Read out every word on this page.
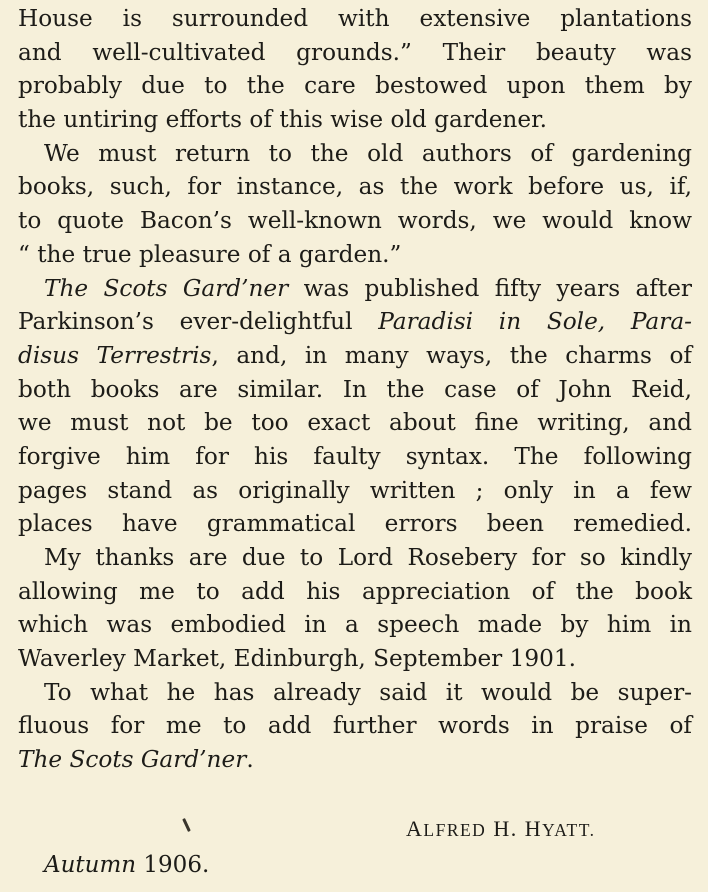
House is surrounded with extensive plantations
and well-cultivated grounds.” Their beauty was
probably due to the care bestowed upon them by
the untiring efforts of this wise old gardener.
We must return to the old authors of gardening
books, such, for instance, as the work before us, if,
to quote Bacon’s well-known words, we would know
“ the true pleasure of a garden.”
The Scots Gard’ner was published fifty years after
Parkinson’s ever-delightful Paradisi in Sole, Para-
disus Terrestris, and, in many ways, the charms of
both books are similar. In the case of John Reid,
we must not be too exact about fine writing, and
forgive him for his faulty syntax. The following
pages stand as originally written ; only in a few
places have grammatical errors been remedied.
My thanks are due to Lord Rosebery for so kindly
allowing me to add his appreciation of the book
which was embodied in a speech made by him in
Waverley Market, Edinburgh, September 1901.
To what he has already said it would be super-
fluous for me to add further words in praise of
The Scots Gard’ner.
ALFRED H. HYATT.
Autumn 1906.
